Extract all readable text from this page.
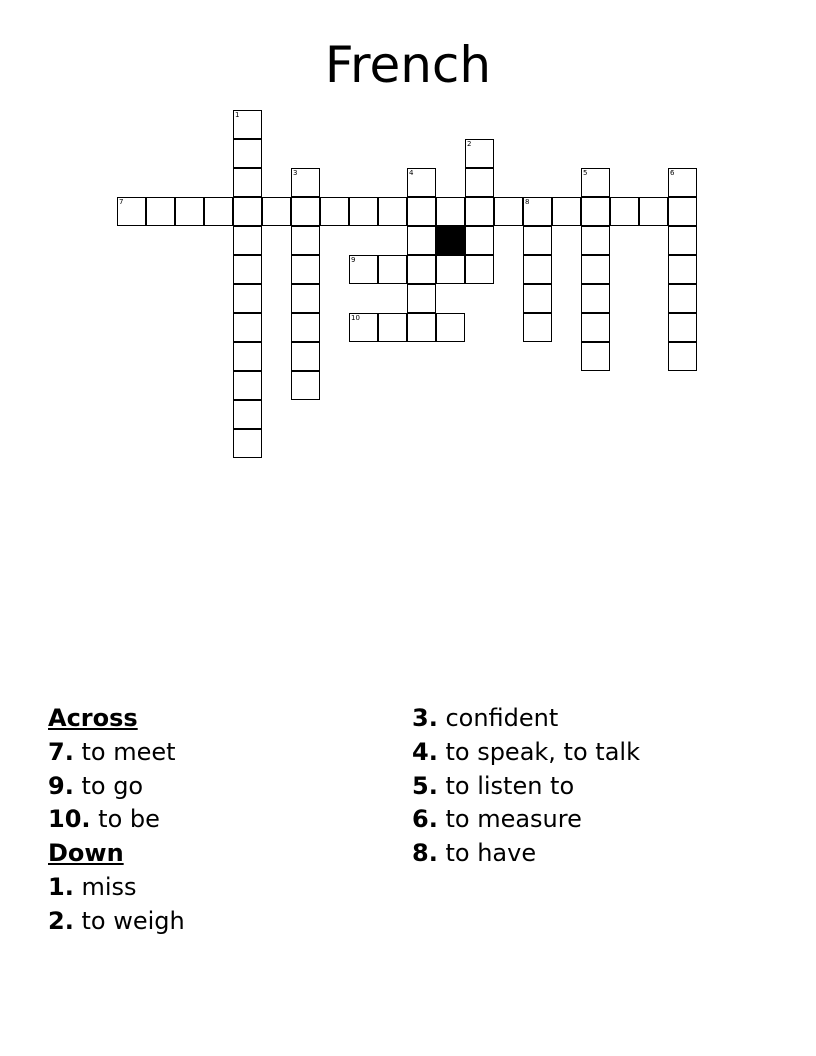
French
7	8
1
3
9
4
2
10
5	6
Across
7. to meet
9. to go
10. to be
Down
1. miss
2. to weigh
3. confident
4. to speak, to talk
5. to listen to
6. to measure
8. to have
